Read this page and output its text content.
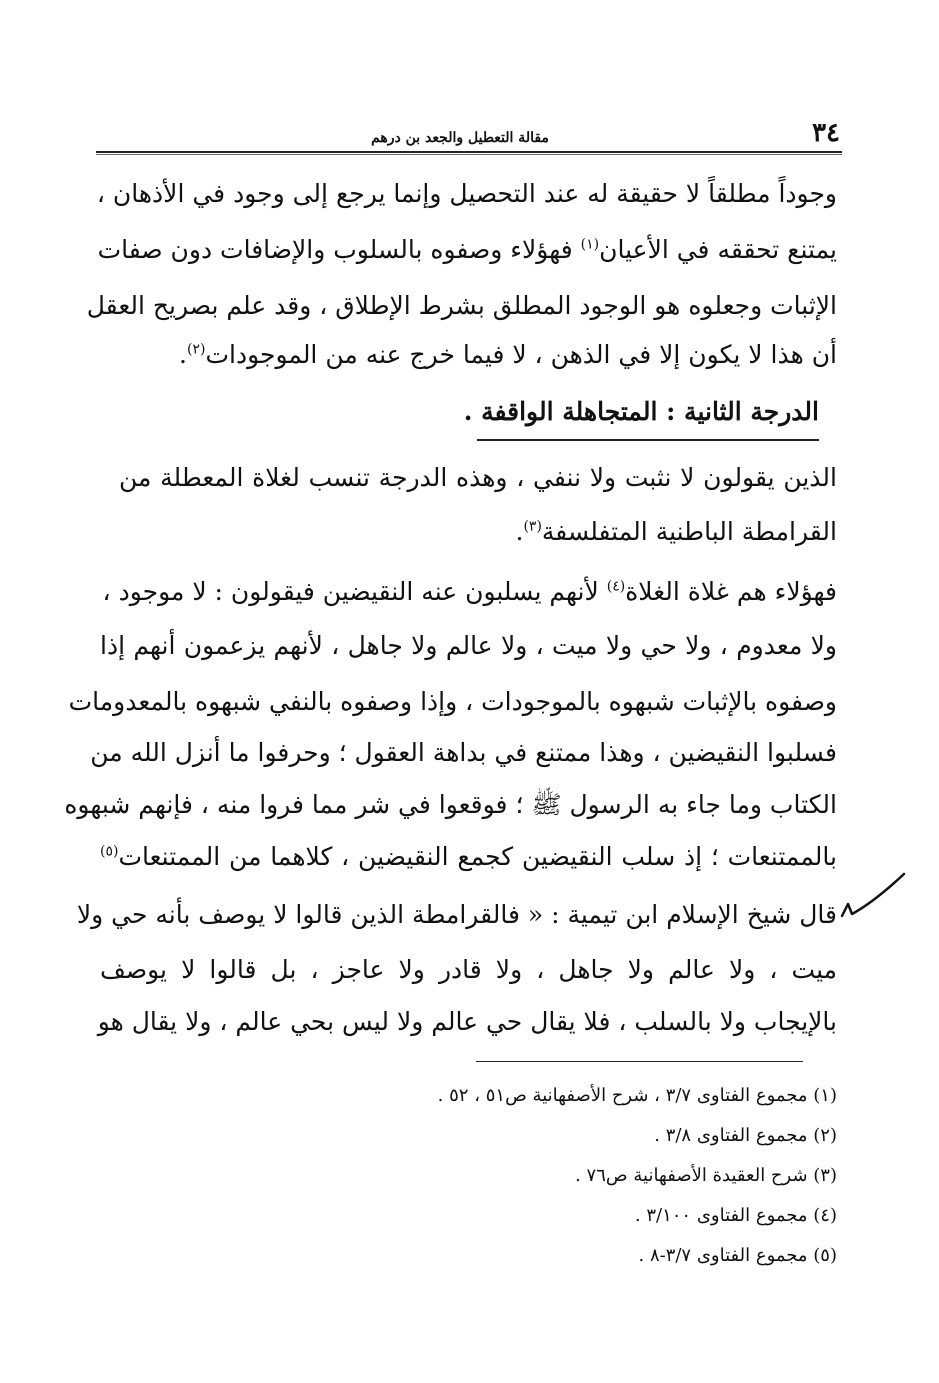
٣٤
مقالة التعطيل والجعد بن درهم
وجوداً مطلقاً لا حقيقة له عند التحصيل وإنما يرجع إلى وجود في الأذهان ،
يمتنع تحققه في الأعيان$^{(١)}$ فهؤلاء وصفوه بالسلوب والإضافات دون صفات
الإثبات وجعلوه هو الوجود المطلق بشرط الإطلاق ، وقد علم بصريح العقل
أن هذا لا يكون إلا في الذهن ، لا فيما خرج عنه من الموجودات$^{(٢)}$.
الدرجة الثانية : المتجاهلة الواقفة .
الذين يقولون لا نثبت ولا ننفي ، وهذه الدرجة تنسب لغلاة المعطلة من
القرامطة الباطنية المتفلسفة$^{(٣)}$.
فهؤلاء هم غلاة الغلاة$^{(٤)}$ لأنهم يسلبون عنه النقيضين فيقولون : لا موجود ،
ولا معدوم ، ولا حي ولا ميت ، ولا عالم ولا جاهل ، لأنهم يزعمون أنهم إذا
وصفوه بالإثبات شبهوه بالموجودات ، وإذا وصفوه بالنفي شبهوه بالمعدومات
فسلبوا النقيضين ، وهذا ممتنع في بداهة العقول ؛ وحرفوا ما أنزل الله من
الكتاب وما جاء به الرسول ﷺ ؛ فوقعوا في شر مما فروا منه ، فإنهم شبهوه
بالممتنعات ؛ إذ سلب النقيضين كجمع النقيضين ، كلاهما من الممتنعات$^{(٥)}$
قال شيخ الإسلام ابن تيمية : « فالقرامطة الذين قالوا لا يوصف بأنه حي ولا
ميت ، ولا عالم ولا جاهل ، ولا قادر ولا عاجز ، بل قالوا لا يوصف
بالإيجاب ولا بالسلب ، فلا يقال حي عالم ولا ليس بحي عالم ، ولا يقال هو
(١) مجموع الفتاوى ٣/٧ ، شرح الأصفهانية ص٥١ ، ٥٢ .
(٢) مجموع الفتاوى ٣/٨ .
(٣) شرح العقيدة الأصفهانية ص٧٦ .
(٤) مجموع الفتاوى ٣/١٠٠ .
(٥) مجموع الفتاوى ٣/٧-٨ .
